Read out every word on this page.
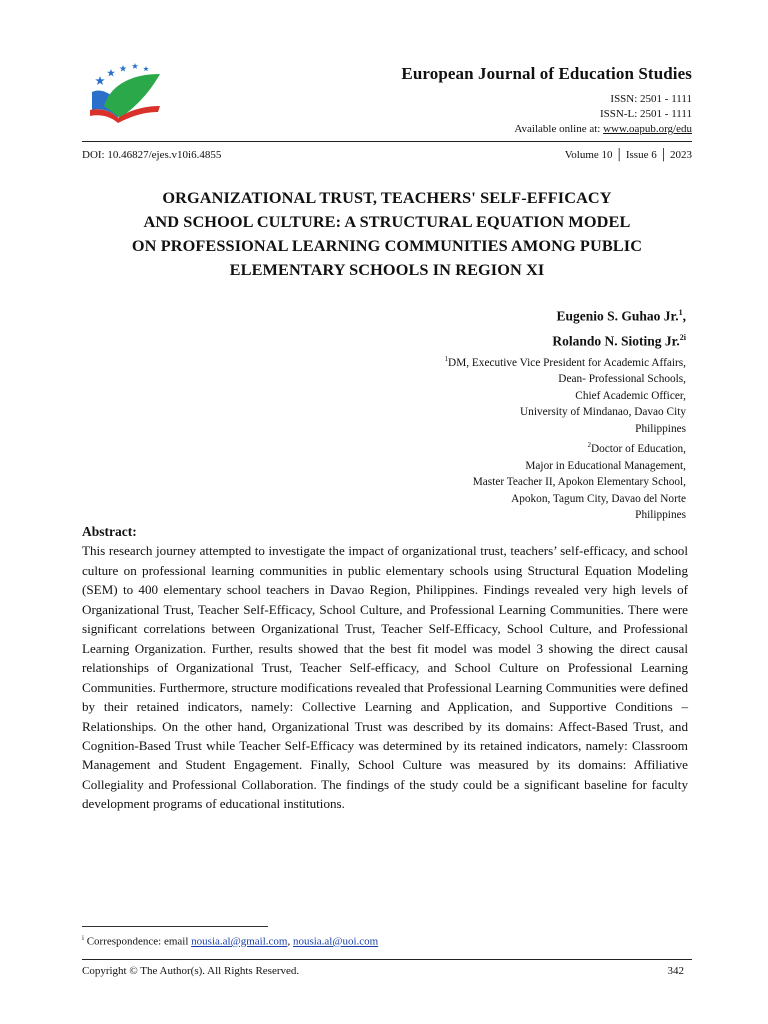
European Journal of Education Studies
ISSN: 2501 - 1111
ISSN-L: 2501 - 1111
Available online at: www.oapub.org/edu
DOI: 10.46827/ejes.v10i6.4855	Volume 10 │ Issue 6 │ 2023
ORGANIZATIONAL TRUST, TEACHERS' SELF-EFFICACY
AND SCHOOL CULTURE: A STRUCTURAL EQUATION MODEL
ON PROFESSIONAL LEARNING COMMUNITIES AMONG PUBLIC
ELEMENTARY SCHOOLS IN REGION XI
Eugenio S. Guhao Jr.$^1$,
Rolando N. Sioting Jr.$^{2i}$
$^1$DM, Executive Vice President for Academic Affairs,
Dean- Professional Schools,
Chief Academic Officer,
University of Mindanao, Davao City
Philippines
$^2$Doctor of Education,
Major in Educational Management,
Master Teacher II, Apokon Elementary School,
Apokon, Tagum City, Davao del Norte
Philippines
Abstract:

This research journey attempted to investigate the impact of organizational trust, teachers’ self-efficacy, and school culture on professional learning communities in public elementary schools using Structural Equation Modeling (SEM) to 400 elementary school teachers in Davao Region, Philippines. Findings revealed very high levels of Organizational Trust, Teacher Self-Efficacy, School Culture, and Professional Learning Communities. There were significant correlations between Organizational Trust, Teacher Self-Efficacy, School Culture, and Professional Learning Organization. Further, results showed that the best fit model was model 3 showing the direct causal relationships of Organizational Trust, Teacher Self-efficacy, and School Culture on Professional Learning Communities. Furthermore, structure modifications revealed that Professional Learning Communities were defined by their retained indicators, namely: Collective Learning and Application, and Supportive Conditions – Relationships. On the other hand, Organizational Trust was described by its domains: Affect-Based Trust, and Cognition-Based Trust while Teacher Self-Efficacy was determined by its retained indicators, namely: Classroom Management and Student Engagement. Finally, School Culture was measured by its domains: Affiliative Collegiality and Professional Collaboration. The findings of the study could be a significant baseline for faculty development programs of educational institutions.

$^i$ Correspondence: email nousia.al@gmail.com, nousia.al@uoi.com
Copyright © The Author(s). All Rights Reserved.	342
